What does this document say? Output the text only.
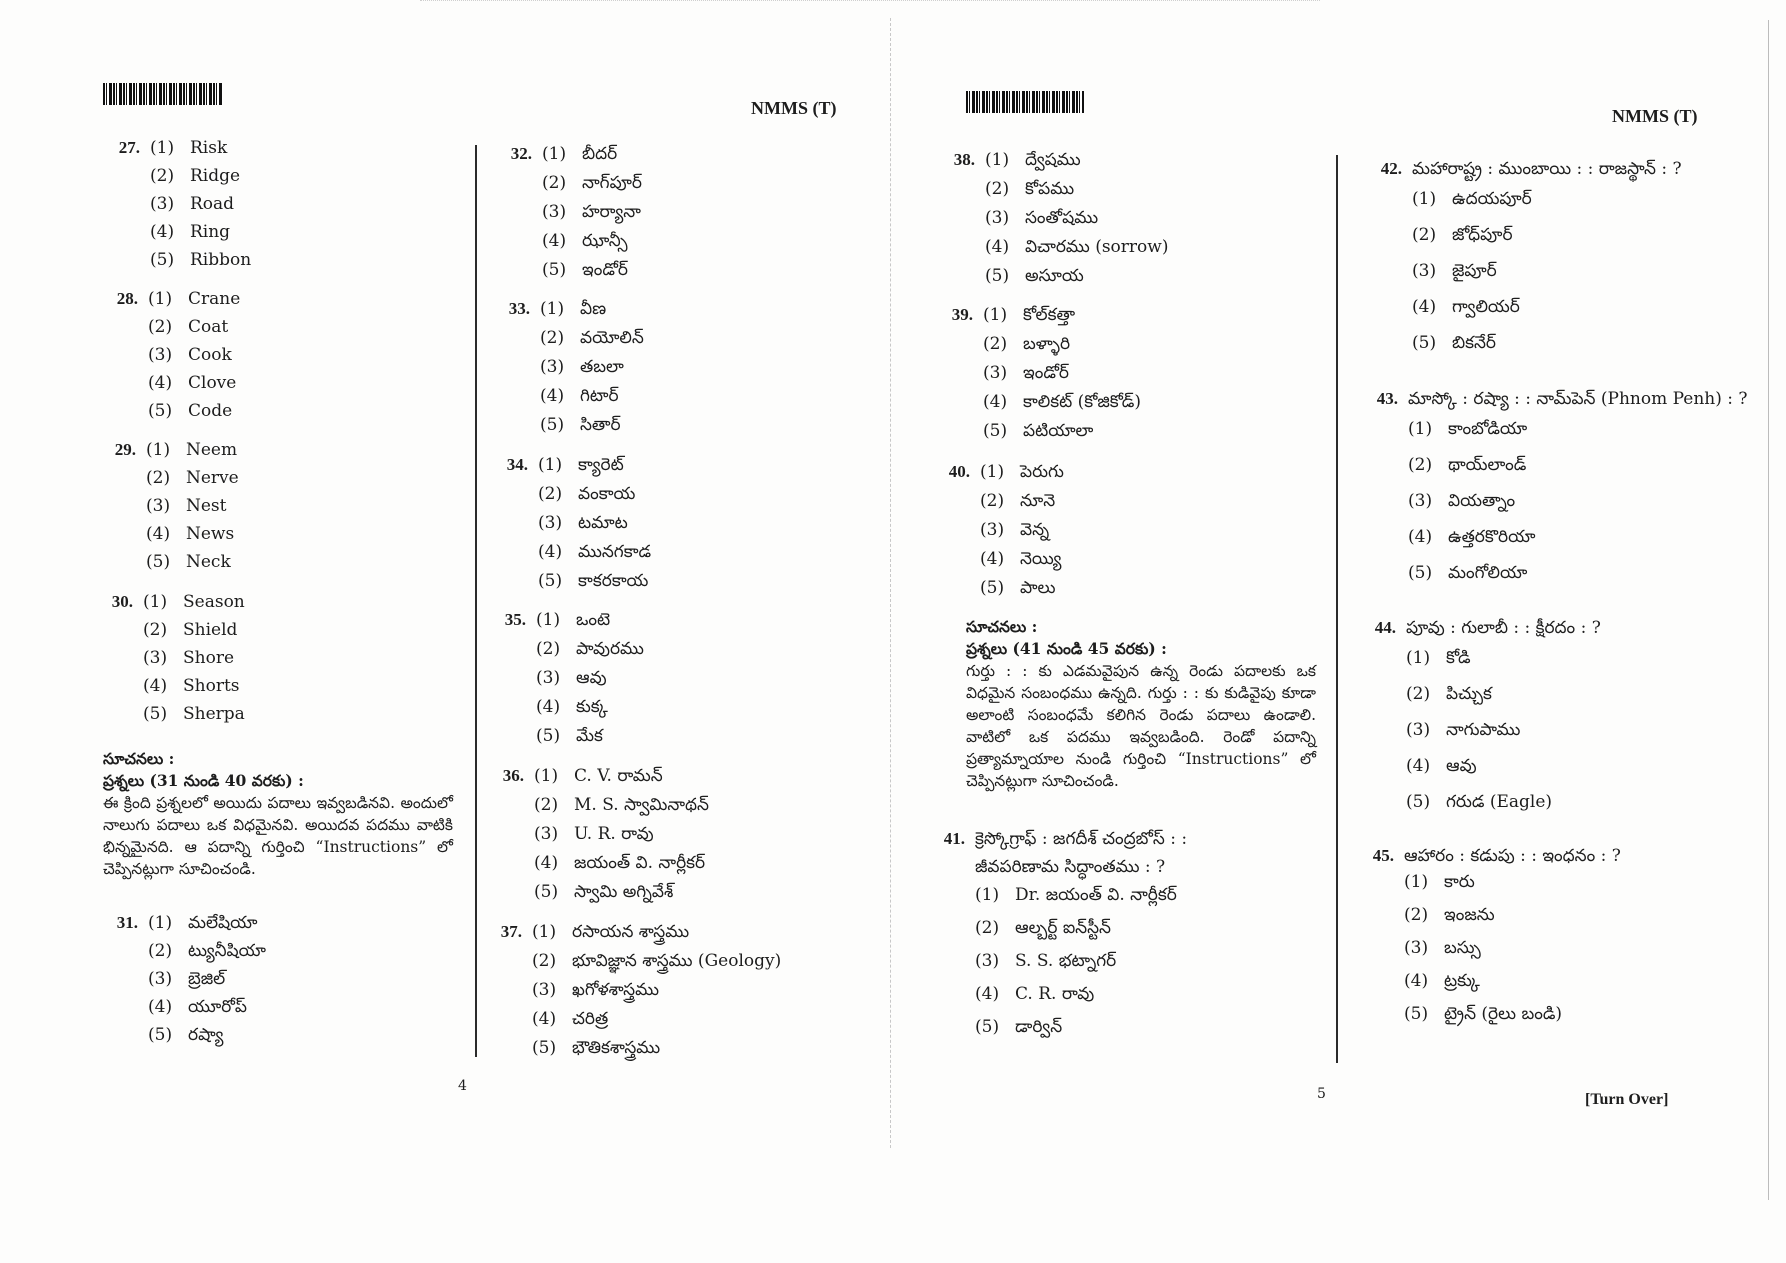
NMMS (T)	NMMS (T)
27. (1) Risk
(2) Ridge
(3) Road
(4) Ring
(5) Ribbon
28. (1) Crane
(2) Coat
(3) Cook
(4) Clove
(5) Code
29. (1) Neem
(2) Nerve
(3) Nest
(4) News
(5) Neck
30. (1) Season
(2) Shield
(3) Shore
(4) Shorts
(5) Sherpa
సూచనలు :
ప్రశ్నలు (31 నుండి 40 వరకు) :
ఈ క్రింది ప్రశ్నలలో అయిదు పదాలు ఇవ్వబడినవి. అందులో నాలుగు పదాలు ఒక విధమైనవి. అయిదవ పదము వాటికి భిన్నమైనది. ఆ పదాన్ని గుర్తించి “Instructions” లో చెప్పినట్లుగా సూచించండి.
31. (1) మలేషియా
(2) ట్యునీషియా
(3) బ్రెజిల్
(4) యూరోప్
(5) రష్యా
32. (1) బీదర్
(2) నాగ్‌పూర్
(3) హర్యానా
(4) ఝాన్సీ
(5) ఇండోర్
33. (1) వీణ
(2) వయోలిన్
(3) తబలా
(4) గిటార్
(5) సితార్
34. (1) క్యారెట్
(2) వంకాయ
(3) టమాట
(4) మునగకాడ
(5) కాకరకాయ
35. (1) ఒంటె
(2) పావురము
(3) ఆవు
(4) కుక్క
(5) మేక
36. (1) C. V. రామన్
(2) M. S. స్వామినాథన్
(3) U. R. రావు
(4) జయంత్ వి. నార్లీకర్
(5) స్వామి అగ్నివేశ్
37. (1) రసాయన శాస్త్రము
(2) భూవిజ్ఞాన శాస్త్రము (Geology)
(3) ఖగోళశాస్త్రము
(4) చరిత్ర
(5) భౌతికశాస్త్రము
38. (1) ద్వేషము
(2) కోపము
(3) సంతోషము
(4) విచారము (sorrow)
(5) అసూయ
39. (1) కోల్‌కత్తా
(2) బళ్ళారి
(3) ఇండోర్
(4) కాలికట్ (కోజికోడ్)
(5) పటియాలా
40. (1) పెరుగు
(2) నూనె
(3) వెన్న
(4) నెయ్యి
(5) పాలు
సూచనలు :
ప్రశ్నలు (41 నుండి 45 వరకు) :
గుర్తు : : కు ఎడమవైపున ఉన్న రెండు పదాలకు ఒక విధమైన సంబంధము ఉన్నది. గుర్తు : : కు కుడివైపు కూడా అలాంటి సంబంధమే కలిగిన రెండు పదాలు ఉండాలి. వాటిలో ఒక పదము ఇవ్వబడింది. రెండో పదాన్ని ప్రత్యామ్నాయాల నుండి గుర్తించి “Instructions” లో చెప్పినట్లుగా సూచించండి.
41. క్రెస్కోగ్రాఫ్ : జగదీశ్ చంద్రబోస్ : : జీవపరిణామ సిద్ధాంతము : ?
(1) Dr. జయంత్ వి. నార్లీకర్
(2) ఆల్బర్ట్ ఐన్‌స్టీన్
(3) S. S. భట్నాగర్
(4) C. R. రావు
(5) డార్విన్
42. మహారాష్ట్ర : ముంబాయి : : రాజస్థాన్ : ?
(1) ఉదయపూర్
(2) జోధ్‌పూర్
(3) జైపూర్
(4) గ్వాలియర్
(5) బికనేర్
43. మాస్కో : రష్యా : : నామ్‌పెన్ (Phnom Penh) : ?
(1) కాంబోడియా
(2) థాయ్‌లాండ్
(3) వియత్నాం
(4) ఉత్తరకొరియా
(5) మంగోలియా
44. పూవు : గులాబీ : : క్షీరదం : ?
(1) కోడి
(2) పిచ్చుక
(3) నాగుపాము
(4) ఆవు
(5) గరుడ (Eagle)
45. ఆహారం : కడుపు : : ఇంధనం : ?
(1) కారు
(2) ఇంజను
(3) బస్సు
(4) ట్రక్కు
(5) ట్రైన్ (రైలు బండి)
4	5	[Turn Over]
